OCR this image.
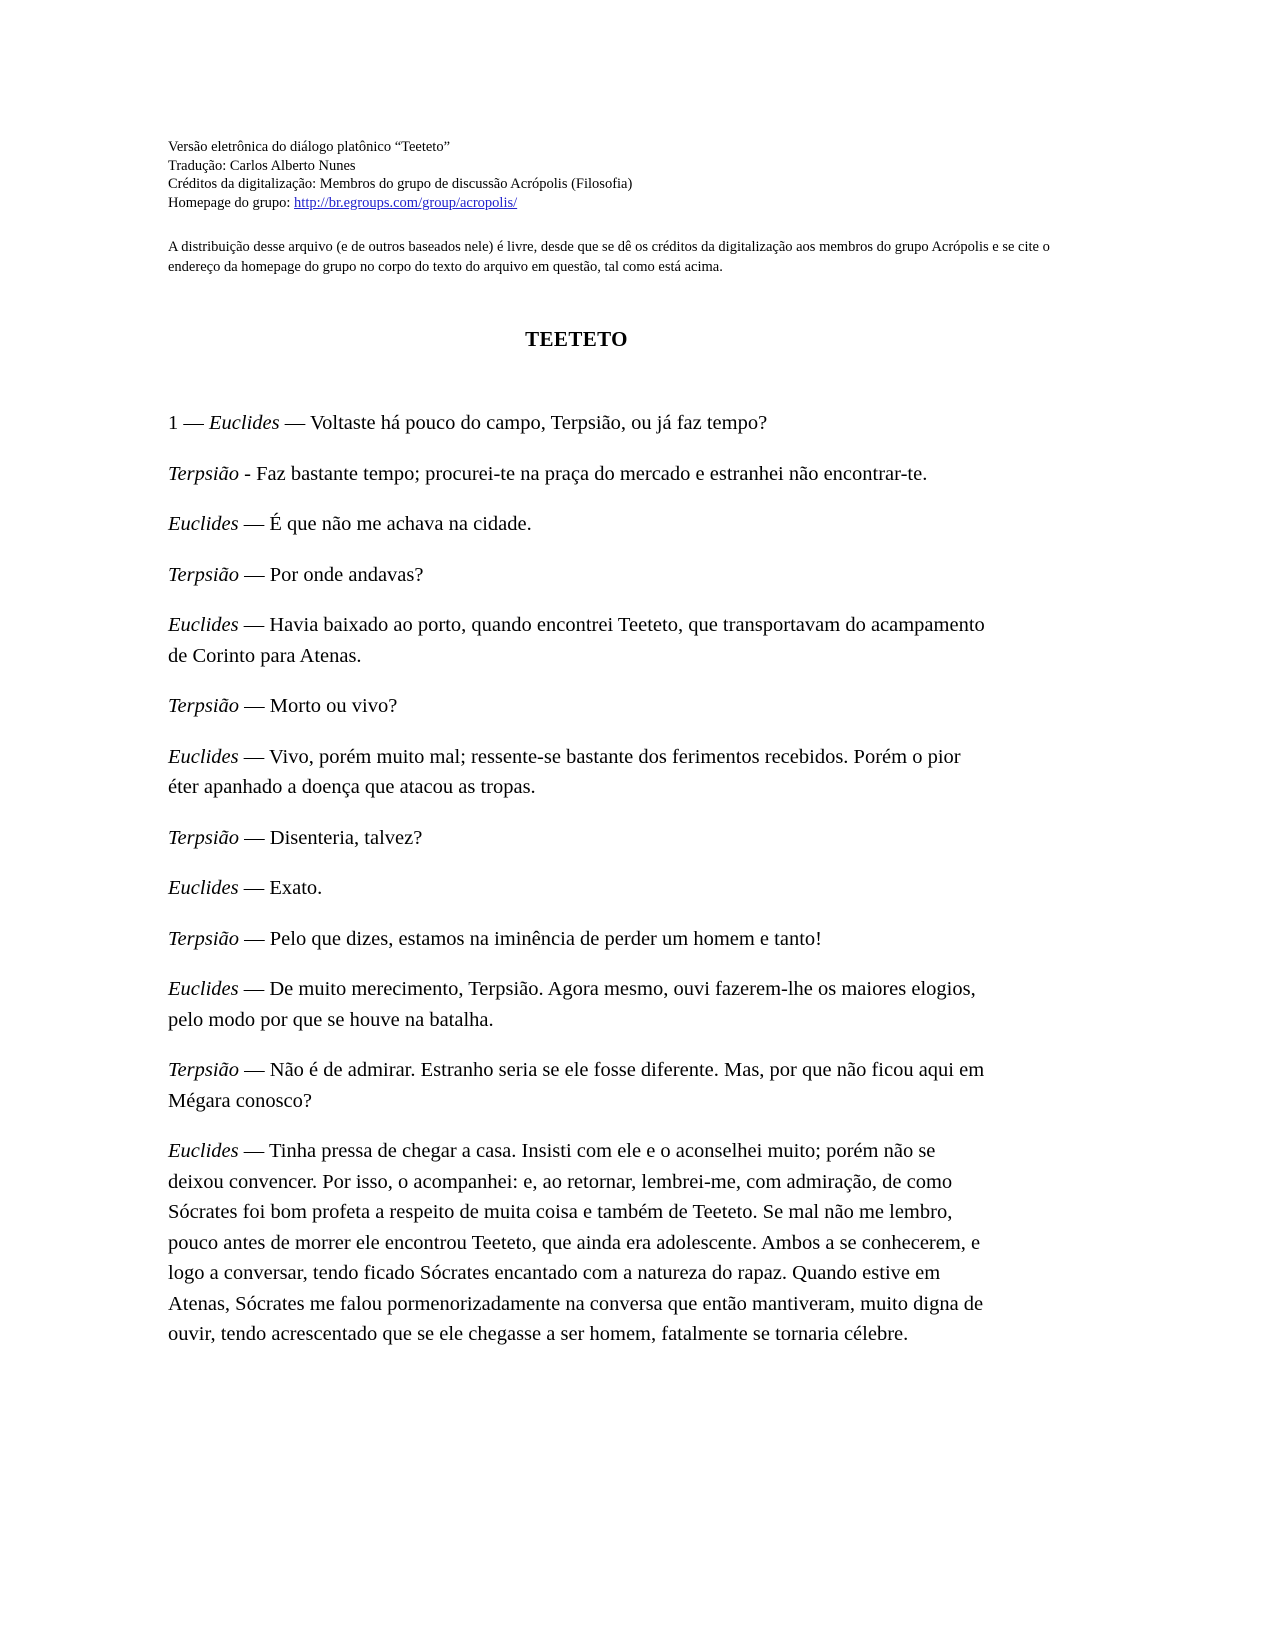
Versão eletrônica do diálogo platônico “Teeteto”
Tradução: Carlos Alberto Nunes
Créditos da digitalização: Membros do grupo de discussão Acrópolis (Filosofia)
Homepage do grupo: http://br.egroups.com/group/acropolis/

A distribuição desse arquivo (e de outros baseados nele) é livre, desde que se dê os créditos da digitalização aos membros do grupo Acrópolis e se cite o endereço da homepage do grupo no corpo do texto do arquivo em questão, tal como está acima.

TEETETO

1 — Euclides — Voltaste há pouco do campo, Terpsião, ou já faz tempo?

Terpsião - Faz bastante tempo; procurei-te na praça do mercado e estranhei não encontrar-te.

Euclides — É que não me achava na cidade.

Terpsião — Por onde andavas?

Euclides — Havia baixado ao porto, quando encontrei Teeteto, que transportavam do acampamento de Corinto para Atenas.

Terpsião — Morto ou vivo?

Euclides — Vivo, porém muito mal; ressente-se bastante dos ferimentos recebidos. Porém o pior éter apanhado a doença que atacou as tropas.

Terpsião — Disenteria, talvez?

Euclides — Exato.

Terpsião — Pelo que dizes, estamos na iminência de perder um homem e tanto!

Euclides — De muito merecimento, Terpsião. Agora mesmo, ouvi fazerem-lhe os maiores elogios, pelo modo por que se houve na batalha.

Terpsião — Não é de admirar. Estranho seria se ele fosse diferente. Mas, por que não ficou aqui em Mégara conosco?

Euclides — Tinha pressa de chegar a casa. Insisti com ele e o aconselhei muito; porém não se deixou convencer. Por isso, o acompanhei: e, ao retornar, lembrei-me, com admiração, de como Sócrates foi bom profeta a respeito de muita coisa e também de Teeteto. Se mal não me lembro, pouco antes de morrer ele encontrou Teeteto, que ainda era adolescente. Ambos a se conhecerem, e logo a conversar, tendo ficado Sócrates encantado com a natureza do rapaz. Quando estive em Atenas, Sócrates me falou pormenorizadamente na conversa que então mantiveram, muito digna de ouvir, tendo acrescentado que se ele chegasse a ser homem, fatalmente se tornaria célebre.
